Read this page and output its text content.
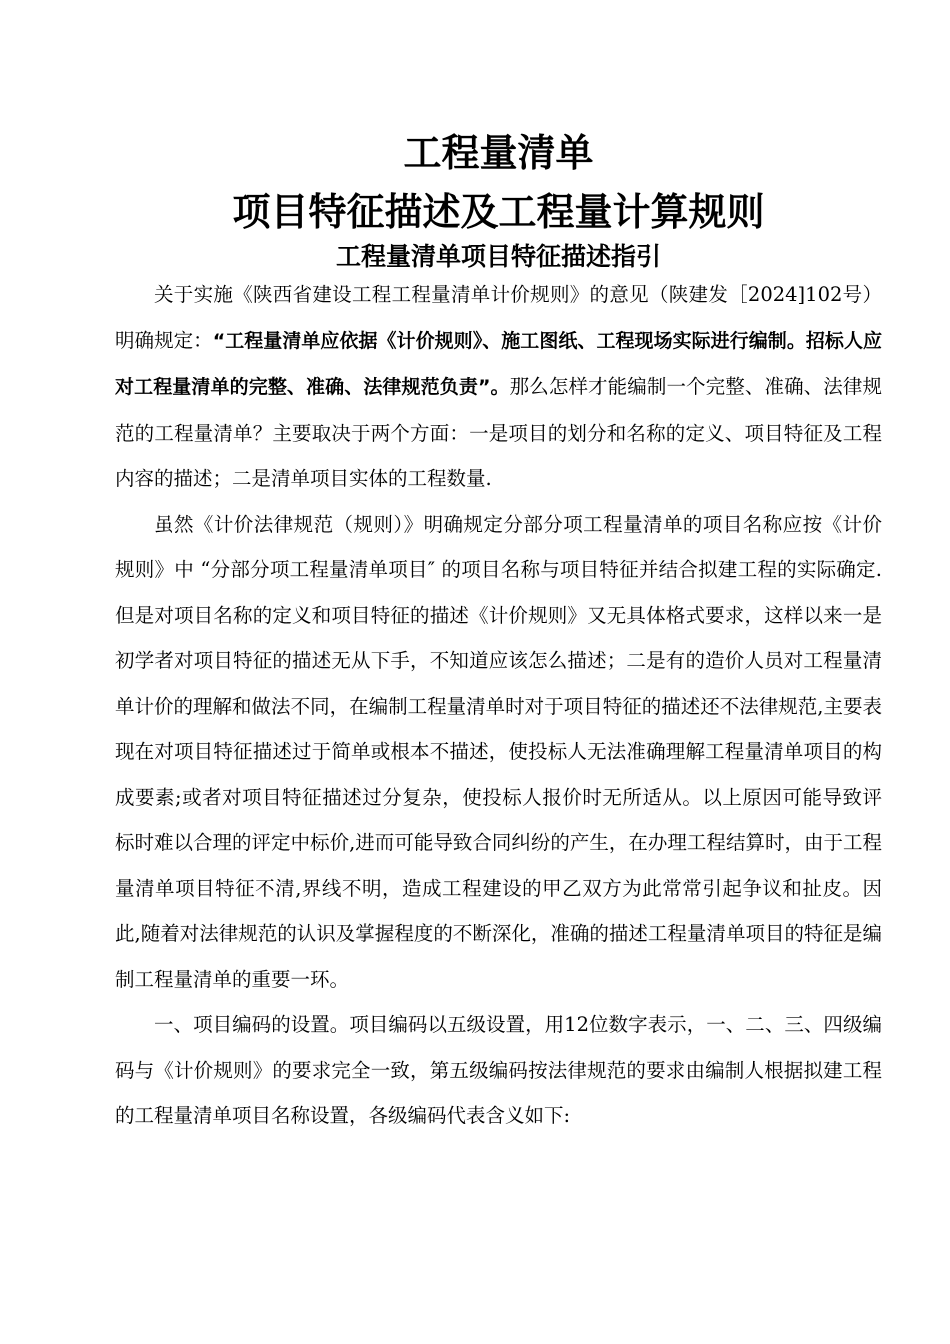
工程量清单
项目特征描述及工程量计算规则
工程量清单项目特征描述指引

关于实施《陕西省建设工程工程量清单计价规则》的意见（陕建发［2024]102号）明确规定：“工程量清单应依据《计价规则》、施工图纸、工程现场实际进行编制。招标人应对工程量清单的完整、准确、法律规范负责”。那么怎样才能编制一个完整、准确、法律规范的工程量清单？主要取决于两个方面：一是项目的划分和名称的定义、项目特征及工程内容的描述；二是清单项目实体的工程数量.

虽然《计价法律规范（规则）》明确规定分部分项工程量清单的项目名称应按《计价规则》中 “分部分项工程量清单项目″ 的项目名称与项目特征并结合拟建工程的实际确定.但是对项目名称的定义和项目特征的描述《计价规则》又无具体格式要求，这样以来一是初学者对项目特征的描述无从下手，不知道应该怎么描述；二是有的造价人员对工程量清单计价的理解和做法不同，在编制工程量清单时对于项目特征的描述还不法律规范,主要表现在对项目特征描述过于简单或根本不描述，使投标人无法准确理解工程量清单项目的构成要素;或者对项目特征描述过分复杂，使投标人报价时无所适从。以上原因可能导致评标时难以合理的评定中标价,进而可能导致合同纠纷的产生，在办理工程结算时，由于工程量清单项目特征不清,界线不明，造成工程建设的甲乙双方为此常常引起争议和扯皮。因此,随着对法律规范的认识及掌握程度的不断深化，准确的描述工程量清单项目的特征是编制工程量清单的重要一环。

一、项目编码的设置。项目编码以五级设置，用12位数字表示，一、二、三、四级编码与《计价规则》的要求完全一致，第五级编码按法律规范的要求由编制人根据拟建工程的工程量清单项目名称设置，各级编码代表含义如下:
